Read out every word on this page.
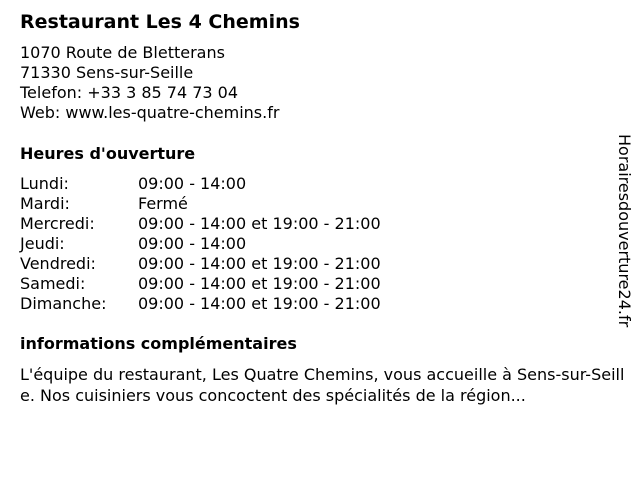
Restaurant Les 4 Chemins
1070 Route de Bletterans
71330 Sens-sur-Seille
Telefon: +33 3 85 74 73 04
Web: www.les-quatre-chemins.fr
Heures d'ouverture
Lundi:	09:00 - 14:00
Mardi:	Fermé
Mercredi:	09:00 - 14:00 et 19:00 - 21:00
Jeudi:	09:00 - 14:00
Vendredi:	09:00 - 14:00 et 19:00 - 21:00
Samedi:	09:00 - 14:00 et 19:00 - 21:00
Dimanche:	09:00 - 14:00 et 19:00 - 21:00
informations complémentaires
L'équipe du restaurant, Les Quatre Chemins, vous accueille à Sens-sur-Seille. Nos cuisiniers vous concoctent des spécialités de la région...
Horairesdouverture24.fr
